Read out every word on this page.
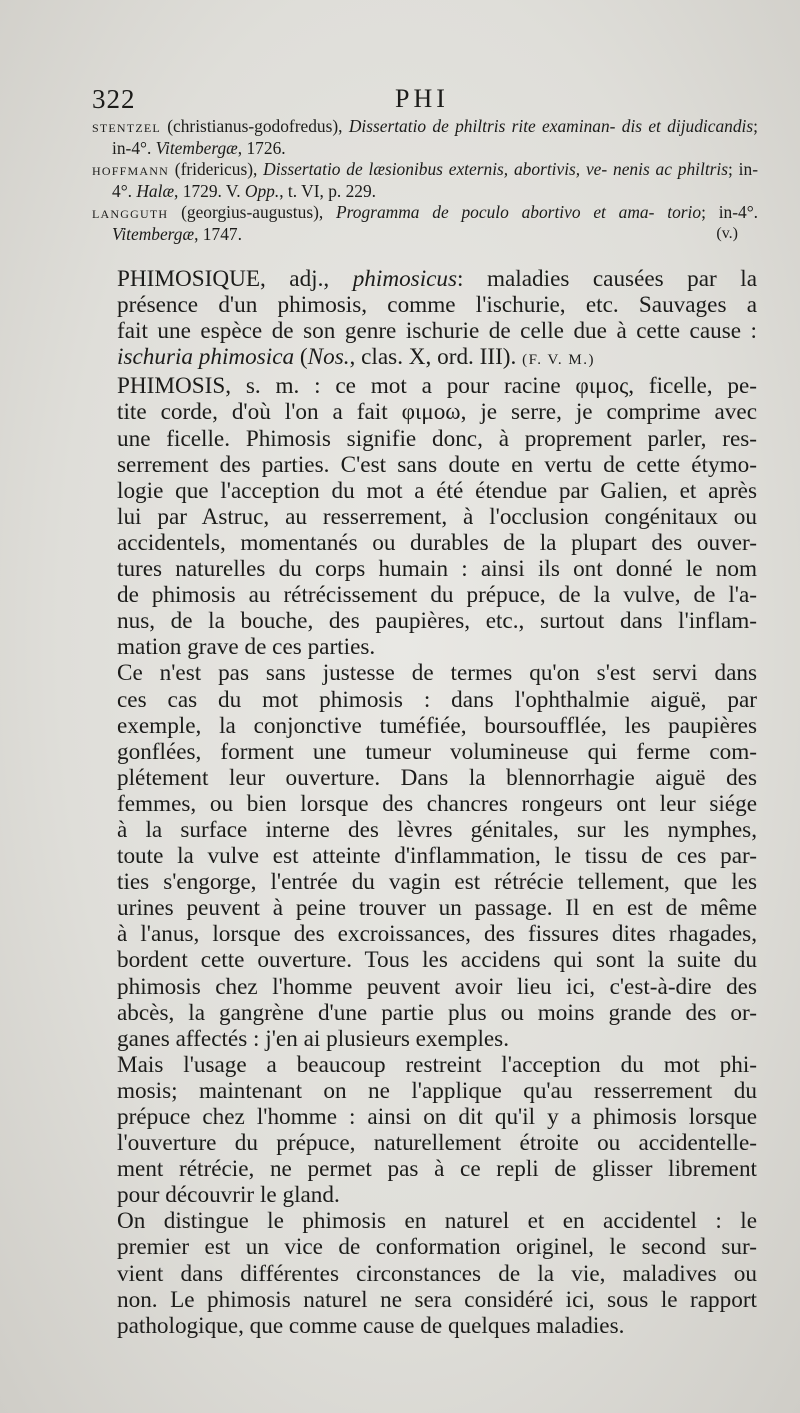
322	PHI

STENTZEL (christianus-godofredus), Dissertatio de philtris rite examinan- dis et dijudicandis; in-4°. Vitembergæ, 1726.

HOFFMANN (fridericus), Dissertatio de læsionibus externis, abortivis, ve- nenis ac philtris; in-4°. Halæ, 1729. V. Opp., t. VI, p. 229.

LANGGUTH (georgius-augustus), Programma de poculo abortivo et ama- torio; in-4°. Vitembergæ, 1747.	(v.)

PHIMOSIQUE, adj., phimosicus: maladies causées par la
présence d'un phimosis, comme l'ischurie, etc. Sauvages a
fait une espèce de son genre ischurie de celle due à cette cause :
ischuria phimosica (Nos., clas. X, ord. III). (F. V. M.)

PHIMOSIS, s. m. : ce mot a pour racine φιμος, ficelle, pe-
tite corde, d'où l'on a fait φιμοω, je serre, je comprime avec
une ficelle. Phimosis signifie donc, à proprement parler, res-
serrement des parties. C'est sans doute en vertu de cette étymo-
logie que l'acception du mot a été étendue par Galien, et après
lui par Astruc, au resserrement, à l'occlusion congénitaux ou
accidentels, momentanés ou durables de la plupart des ouver-
tures naturelles du corps humain : ainsi ils ont donné le nom
de phimosis au rétrécissement du prépuce, de la vulve, de l'a-
nus, de la bouche, des paupières, etc., surtout dans l'inflam-
mation grave de ces parties.

Ce n'est pas sans justesse de termes qu'on s'est servi dans
ces cas du mot phimosis : dans l'ophthalmie aiguë, par
exemple, la conjonctive tuméfiée, boursoufflée, les paupières
gonflées, forment une tumeur volumineuse qui ferme com-
plétement leur ouverture. Dans la blennorrhagie aiguë des
femmes, ou bien lorsque des chancres rongeurs ont leur siége
à la surface interne des lèvres génitales, sur les nymphes,
toute la vulve est atteinte d'inflammation, le tissu de ces par-
ties s'engorge, l'entrée du vagin est rétrécie tellement, que les
urines peuvent à peine trouver un passage. Il en est de même
à l'anus, lorsque des excroissances, des fissures dites rhagades,
bordent cette ouverture. Tous les accidens qui sont la suite du
phimosis chez l'homme peuvent avoir lieu ici, c'est-à-dire des
abcès, la gangrène d'une partie plus ou moins grande des or-
ganes affectés : j'en ai plusieurs exemples.

Mais l'usage a beaucoup restreint l'acception du mot phi-
mosis; maintenant on ne l'applique qu'au resserrement du
prépuce chez l'homme : ainsi on dit qu'il y a phimosis lorsque
l'ouverture du prépuce, naturellement étroite ou accidentelle-
ment rétrécie, ne permet pas à ce repli de glisser librement
pour découvrir le gland.

On distingue le phimosis en naturel et en accidentel : le
premier est un vice de conformation originel, le second sur-
vient dans différentes circonstances de la vie, maladives ou
non. Le phimosis naturel ne sera considéré ici, sous le rapport
pathologique, que comme cause de quelques maladies.
